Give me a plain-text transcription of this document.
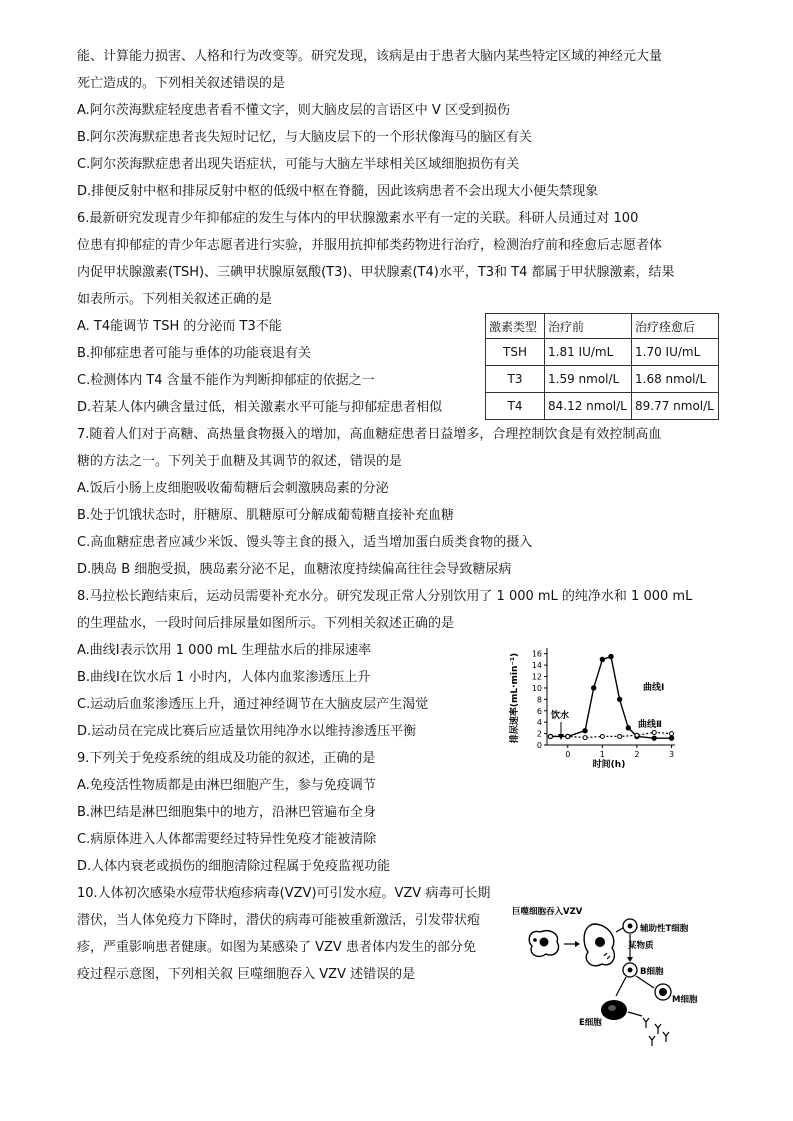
能、计算能力损害、人格和行为改变等。研究发现，该病是由于患者大脑内某些特定区域的神经元大量
死亡造成的。下列相关叙述错误的是
A.阿尔茨海默症轻度患者看不懂文字，则大脑皮层的言语区中 V 区受到损伤
B.阿尔茨海默症患者丧失短时记忆，与大脑皮层下的一个形状像海马的脑区有关
C.阿尔茨海默症患者出现失语症状，可能与大脑左半球相关区域细胞损伤有关
D.排便反射中枢和排尿反射中枢的低级中枢在脊髓，因此该病患者不会出现大小便失禁现象
6.最新研究发现青少年抑郁症的发生与体内的甲状腺激素水平有一定的关联。科研人员通过对 100
位患有抑郁症的青少年志愿者进行实验，并服用抗抑郁类药物进行治疗，检测治疗前和痊愈后志愿者体
内促甲状腺激素(TSH)、三碘甲状腺原氨酸(T3)、甲状腺素(T4)水平，T3和 T4 都属于甲状腺激素，结果
如表所示。下列相关叙述正确的是
A. T4能调节 TSH 的分泌而 T3不能
B.抑郁症患者可能与垂体的功能衰退有关
C.检测体内 T4 含量不能作为判断抑郁症的依据之一
D.若某人体内碘含量过低，相关激素水平可能与抑郁症患者相似
7.随着人们对于高糖、高热量食物摄入的增加，高血糖症患者日益增多，合理控制饮食是有效控制高血
糖的方法之一。下列关于血糖及其调节的叙述，错误的是
A.饭后小肠上皮细胞吸收葡萄糖后会刺激胰岛素的分泌
B.处于饥饿状态时，肝糖原、肌糖原可分解成葡萄糖直接补充血糖
C.高血糖症患者应减少米饭、馒头等主食的摄入，适当增加蛋白质类食物的摄入
D.胰岛 B 细胞受损，胰岛素分泌不足，血糖浓度持续偏高往往会导致糖尿病
8.马拉松长跑结束后，运动员需要补充水分。研究发现正常人分别饮用了 1 000 mL 的纯净水和 1 000 mL
的生理盐水，一段时间后排尿量如图所示。下列相关叙述正确的是
A.曲线Ⅰ表示饮用 1 000 mL 生理盐水后的排尿速率
B.曲线Ⅰ在饮水后 1 小时内，人体内血浆渗透压上升
C.运动后血浆渗透压上升，通过神经调节在大脑皮层产生渴觉
D.运动员在完成比赛后应适量饮用纯净水以维持渗透压平衡
9.下列关于免疫系统的组成及功能的叙述，正确的是
A.免疫活性物质都是由淋巴细胞产生，参与免疫调节
B.淋巴结是淋巴细胞集中的地方，沿淋巴管遍布全身
C.病原体进入人体都需要经过特异性免疫才能被清除
D.人体内衰老或损伤的细胞清除过程属于免疫监视功能
10.人体初次感染水痘带状疱疹病毒(VZV)可引发水痘。VZV 病毒可长期
潜伏，当人体免疫力下降时，潜伏的病毒可能被重新激活，引发带状疱
疹，严重影响患者健康。如图为某感染了 VZV 患者体内发生的部分免
疫过程示意图，下列相关叙 巨噬细胞吞入 VZV 述错误的是
激素类型	治疗前	治疗痊愈后
TSH	1.81 IU/mL	1.70 IU/mL
T3	1.59 nmol/L	1.68 nmol/L
T4	84.12 nmol/L	89.77 nmol/L
0
2
4
6
8
10
12
14
16
0	1	2	3
排尿速率(mL·min⁻¹)
时间(h)
饮水
曲线Ⅰ
曲线Ⅱ
巨噬细胞吞入VZV
辅助性T细胞
某物质
B细胞
M细胞
E细胞
